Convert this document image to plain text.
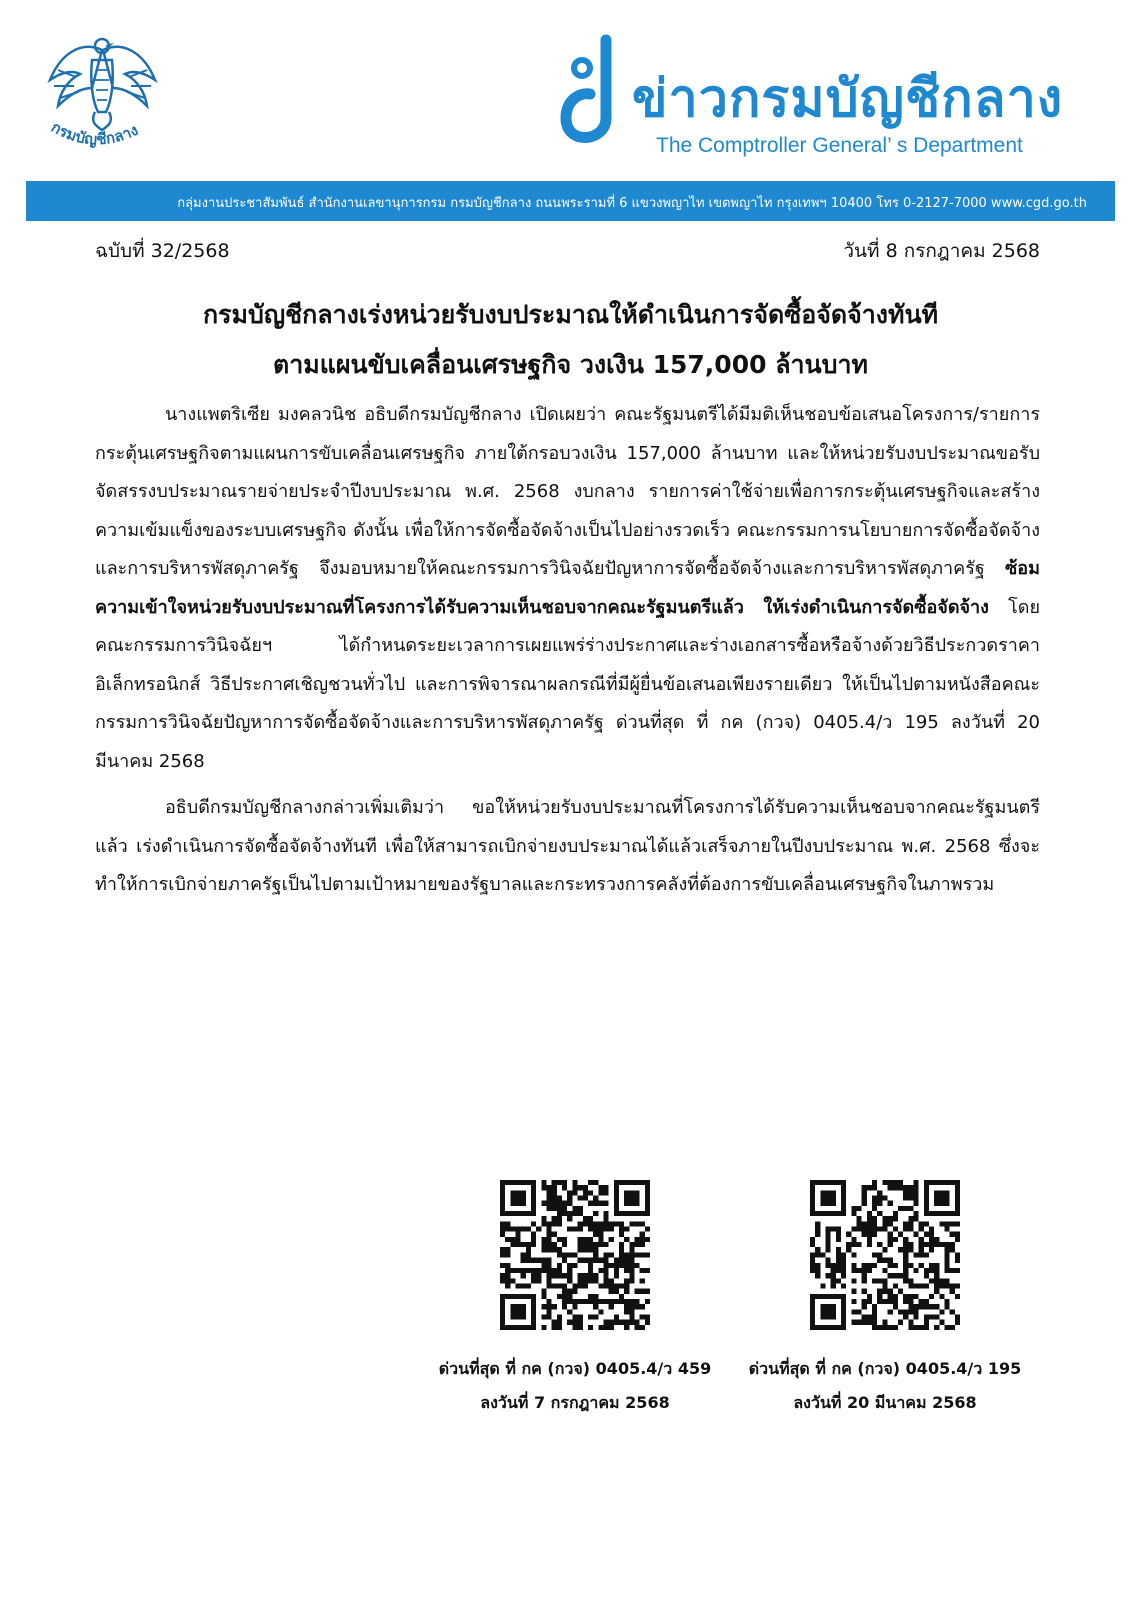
กรมบัญชีกลาง
ข่าวกรมบัญชีกลาง
The Comptroller General’ s Department
กลุ่มงานประชาสัมพันธ์ สำนักงานเลขานุการกรม กรมบัญชีกลาง ถนนพระรามที่ 6 แขวงพญาไท เขตพญาไท กรุงเทพฯ 10400 โทร 0-2127-7000 www.cgd.go.th
ฉบับที่ 32/2568	วันที่ 8 กรกฎาคม 2568
กรมบัญชีกลางเร่งหน่วยรับงบประมาณให้ดำเนินการจัดซื้อจัดจ้างทันที
ตามแผนขับเคลื่อนเศรษฐกิจ วงเงิน 157,000 ล้านบาท

นางแพตริเซีย มงคลวนิช อธิบดีกรมบัญชีกลาง เปิดเผยว่า คณะรัฐมนตรีได้มีมติเห็นชอบข้อเสนอโครงการ/รายการกระตุ้นเศรษฐกิจตามแผนการขับเคลื่อนเศรษฐกิจ ภายใต้กรอบวงเงิน 157,000 ล้านบาท และให้หน่วยรับงบประมาณขอรับจัดสรรงบประมาณรายจ่ายประจำปีงบประมาณ พ.ศ. 2568 งบกลาง รายการค่าใช้จ่ายเพื่อการกระตุ้นเศรษฐกิจและสร้างความเข้มแข็งของระบบเศรษฐกิจ ดังนั้น เพื่อให้การจัดซื้อจัดจ้างเป็นไปอย่างรวดเร็ว คณะกรรมการนโยบายการจัดซื้อจัดจ้างและการบริหารพัสดุภาครัฐ จึงมอบหมายให้คณะกรรมการวินิจฉัยปัญหาการจัดซื้อจัดจ้างและการบริหารพัสดุภาครัฐ ซ้อมความเข้าใจหน่วยรับงบประมาณที่โครงการได้รับความเห็นชอบจากคณะรัฐมนตรีแล้ว ให้เร่งดำเนินการจัดซื้อจัดจ้าง โดยคณะกรรมการวินิจฉัยฯ ได้กำหนดระยะเวลาการเผยแพร่ร่างประกาศและร่างเอกสารซื้อหรือจ้างด้วยวิธีประกวดราคาอิเล็กทรอนิกส์ วิธีประกาศเชิญชวนทั่วไป และการพิจารณาผลกรณีที่มีผู้ยื่นข้อเสนอเพียงรายเดียว ให้เป็นไปตามหนังสือคณะกรรมการวินิจฉัยปัญหาการจัดซื้อจัดจ้างและการบริหารพัสดุภาครัฐ ด่วนที่สุด ที่ กค (กวจ) 0405.4/ว 195 ลงวันที่ 20 มีนาคม 2568

อธิบดีกรมบัญชีกลางกล่าวเพิ่มเติมว่า ขอให้หน่วยรับงบประมาณที่โครงการได้รับความเห็นชอบจากคณะรัฐมนตรีแล้ว เร่งดำเนินการจัดซื้อจัดจ้างทันที เพื่อให้สามารถเบิกจ่ายงบประมาณได้แล้วเสร็จภายในปีงบประมาณ พ.ศ. 2568 ซึ่งจะทำให้การเบิกจ่ายภาครัฐเป็นไปตามเป้าหมายของรัฐบาลและกระทรวงการคลังที่ต้องการขับเคลื่อนเศรษฐกิจในภาพรวม

ด่วนที่สุด ที่ กค (กวจ) 0405.4/ว 459
ลงวันที่ 7 กรกฎาคม 2568
ด่วนที่สุด ที่ กค (กวจ) 0405.4/ว 195
ลงวันที่ 20 มีนาคม 2568
